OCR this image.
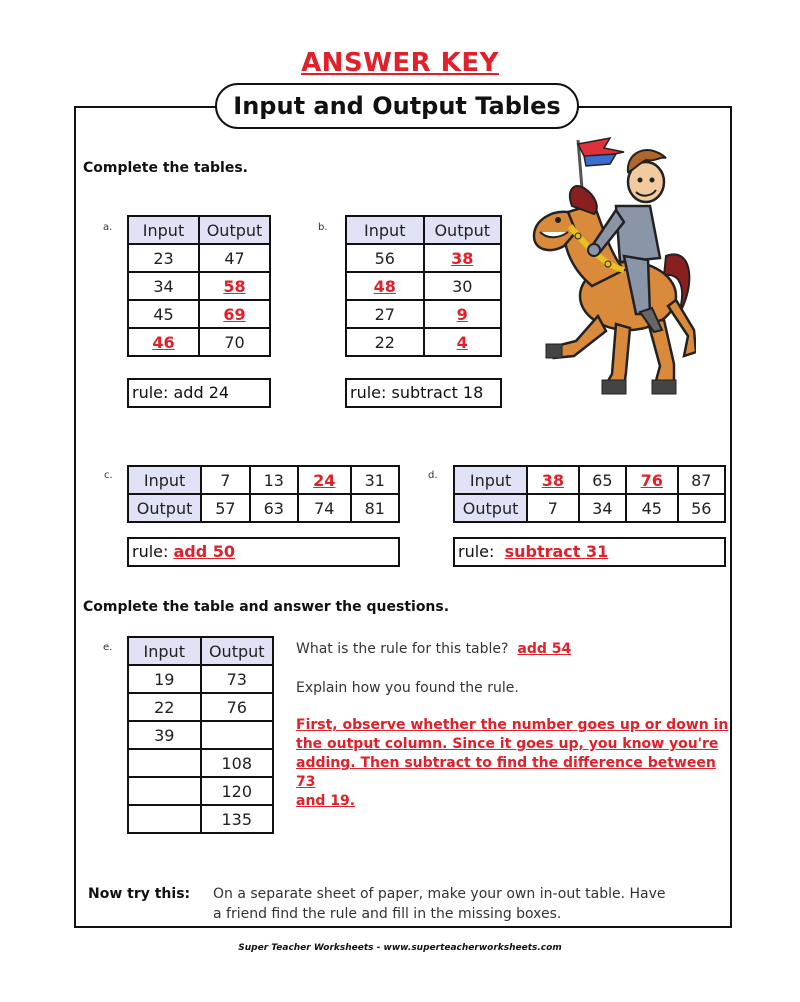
ANSWER KEY
Input and Output Tables
Complete the tables.
a. Input	Output
23	47
34	58
45	69
46	70
rule: add 24
b. Input	Output
56	38
48	30
27	9
22	4
rule: subtract 18
c. Input	7	13	24	31
Output	57	63	74	81
rule: add 50
d. Input	38	65	76	87
Output	7	34	45	56
rule: subtract 31
Complete the table and answer the questions.
e. Input	Output
19	73
22	76
39	
	108
	120
	135
What is the rule for this table? add 54
Explain how you found the rule.
First, observe whether the number goes up or down in
the output column. Since it goes up, you know you're
adding. Then subtract to find the difference between 73
and 19.
Now try this: On a separate sheet of paper, make your own in-out table. Have
a friend find the rule and fill in the missing boxes.
Super Teacher Worksheets - www.superteacherworksheets.com
